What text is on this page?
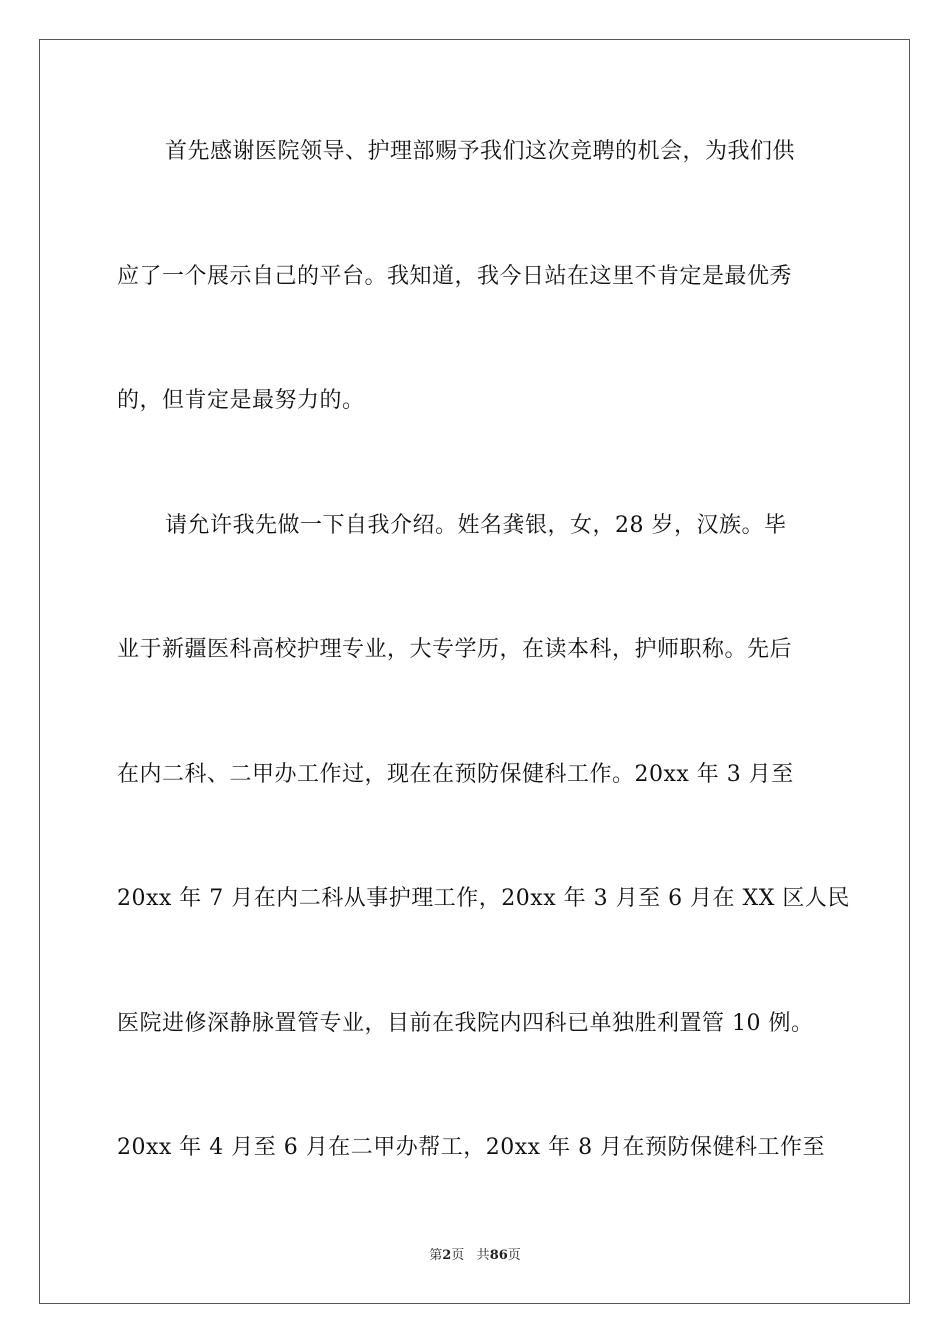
首先感谢医院领导、护理部赐予我们这次竞聘的机会，为我们供
应了一个展示自己的平台。我知道，我今日站在这里不肯定是最优秀
的，但肯定是最努力的。
请允许我先做一下自我介绍。姓名龚银，女，28 岁，汉族。毕
业于新疆医科高校护理专业，大专学历，在读本科，护师职称。先后
在内二科、二甲办工作过，现在在预防保健科工作。20xx 年 3 月至
20xx 年 7 月在内二科从事护理工作，20xx 年 3 月至 6 月在 XX 区人民
医院进修深静脉置管专业，目前在我院内四科已单独胜利置管 10 例。
20xx 年 4 月至 6 月在二甲办帮工，20xx 年 8 月在预防保健科工作至
第2页 共86页
